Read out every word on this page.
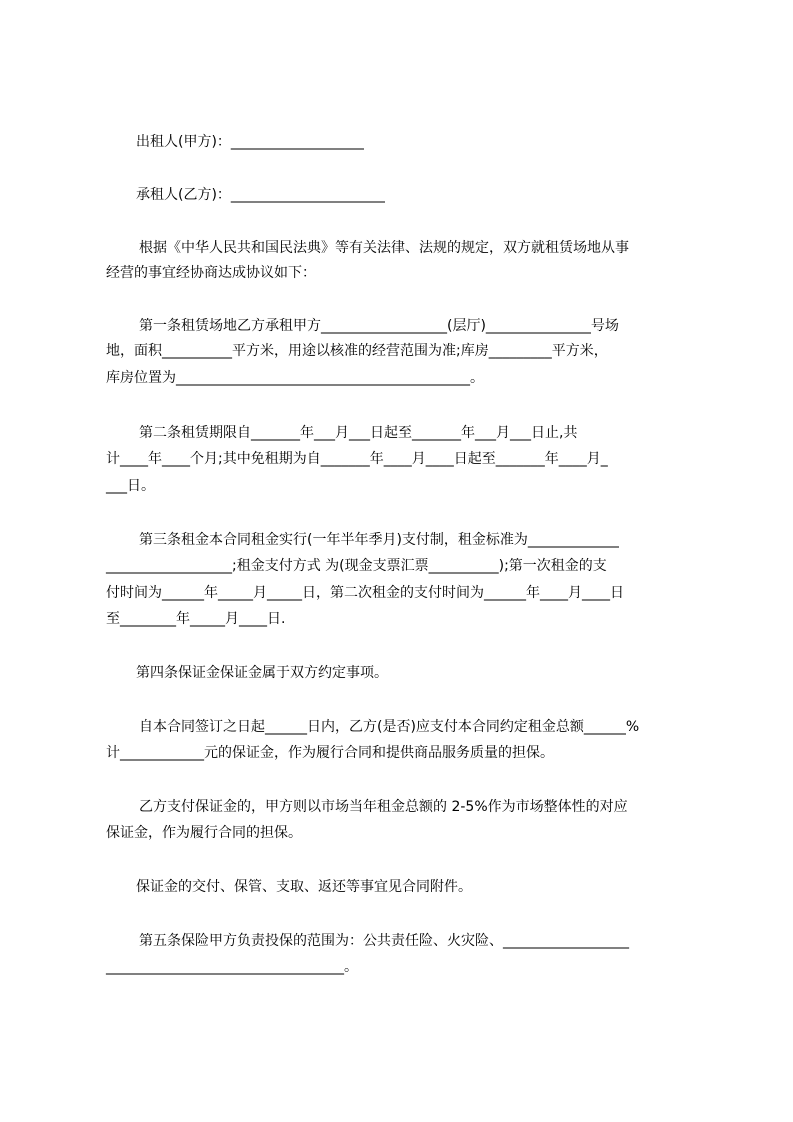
出租人(甲方)：___________________
承租人(乙方)：______________________
根据《中华人民共和国民法典》等有关法律、法规的规定，双方就租赁场地从事
经营的事宜经协商达成协议如下：
第一条租赁场地乙方承租甲方__________________(层厅)_______________号场
地，面积__________平方米，用途以核准的经营范围为准;库房_________平方米，
库房位置为__________________________________________。
第二条租赁期限自_______年___月___日起至_______年___月___日止,共
计____年____个月;其中免租期为自_______年____月____日起至_______年____月_
___日。
第三条租金本合同租金实行(一年半年季月)支付制，租金标准为_____________
__________________;租金支付方式 为(现金支票汇票__________);第一次租金的支
付时间为______年_____月_____日，第二次租金的支付时间为______年____月____日
至________年_____月____日.
第四条保证金保证金属于双方约定事项。
自本合同签订之日起______日内，乙方(是否)应支付本合同约定租金总额______%
计____________元的保证金，作为履行合同和提供商品服务质量的担保。
乙方支付保证金的，甲方则以市场当年租金总额的 2-5%作为市场整体性的对应
保证金，作为履行合同的担保。
保证金的交付、保管、支取、返还等事宜见合同附件。
第五条保险甲方负责投保的范围为：公共责任险、火灾险、__________________
__________________________________。
